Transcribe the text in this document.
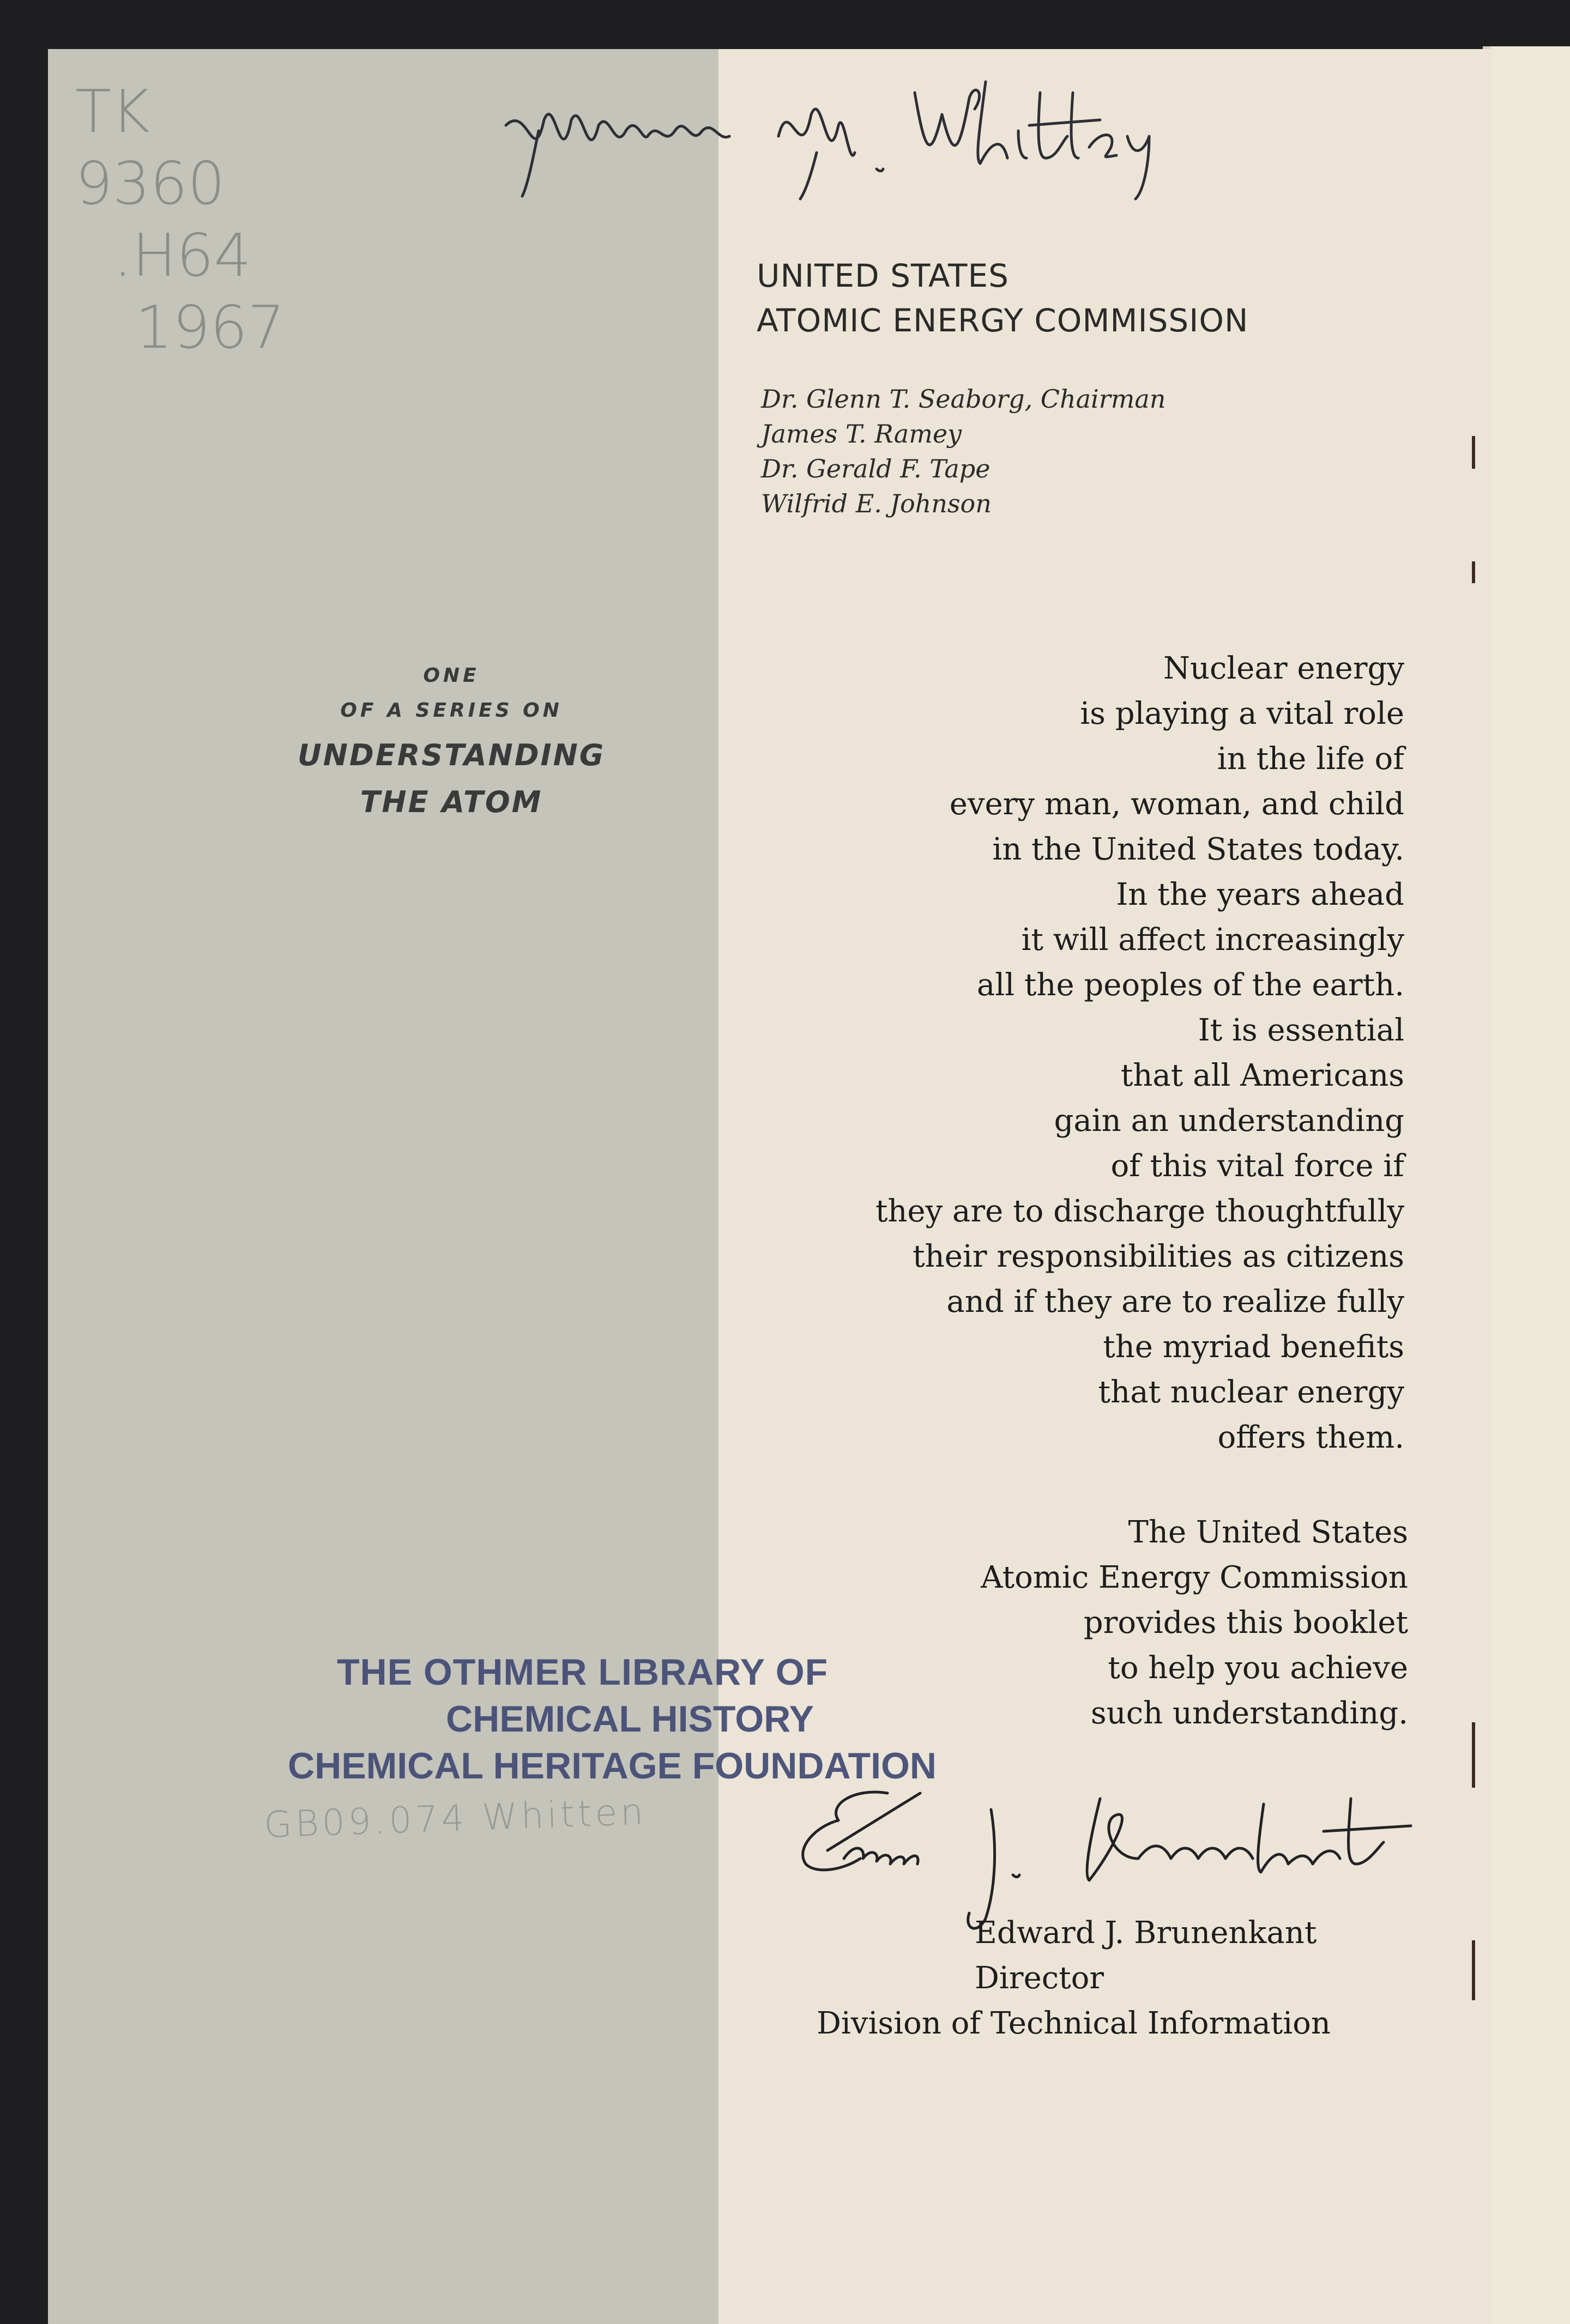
TK
9360
.H64
1967
ONE
OF A SERIES ON
UNDERSTANDING
THE ATOM
UNITED STATES
ATOMIC ENERGY COMMISSION
Dr. Glenn T. Seaborg, Chairman
James T. Ramey
Dr. Gerald F. Tape
Wilfrid E. Johnson
Nuclear energy
is playing a vital role
in the life of
every man, woman, and child
in the United States today.
In the years ahead
it will affect increasingly
all the peoples of the earth.
It is essential
that all Americans
gain an understanding
of this vital force if
they are to discharge thoughtfully
their responsibilities as citizens
and if they are to realize fully
the myriad benefits
that nuclear energy
offers them.
The United States
Atomic Energy Commission
provides this booklet
to help you achieve
such understanding.
THE OTHMER LIBRARY OF
CHEMICAL HISTORY
CHEMICAL HERITAGE FOUNDATION
GB09.074 Whitten
Edward J. Brunenkant
Director
Division of Technical Information
